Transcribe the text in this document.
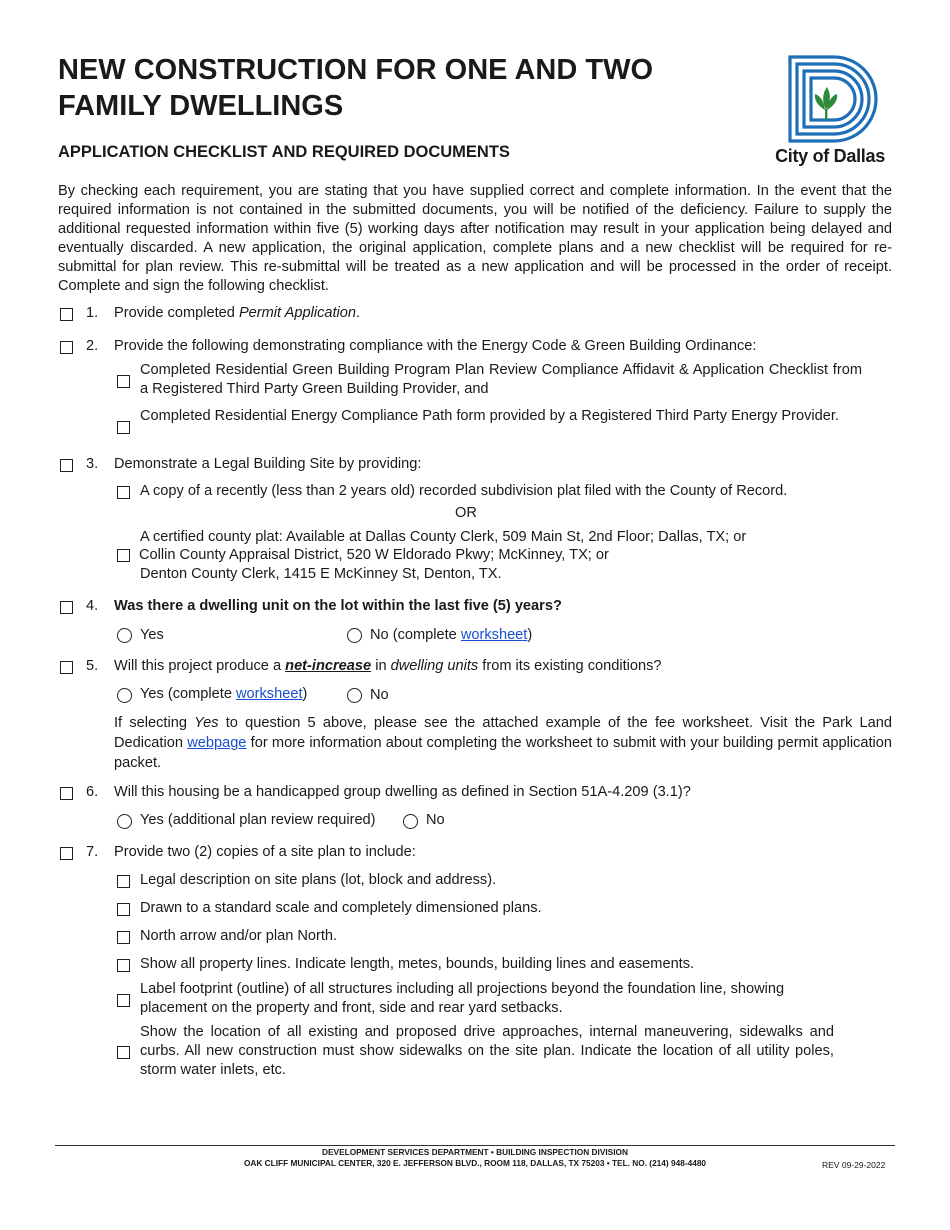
NEW CONSTRUCTION FOR ONE AND TWO
FAMILY DWELLINGS
APPLICATION CHECKLIST AND REQUIRED DOCUMENTS	City of Dallas
By checking each requirement, you are stating that you have supplied correct and complete information. In the event that the required information is not contained in the submitted documents, you will be notified of the deficiency. Failure to supply the additional requested information within five (5) working days after notification may result in your application being delayed and eventually discarded. A new application, the original application, complete plans and a new checklist will be required for re-submittal for plan review. This re-submittal will be treated as a new application and will be processed in the order of receipt. Complete and sign the following checklist.
1. Provide completed Permit Application.
2. Provide the following demonstrating compliance with the Energy Code & Green Building Ordinance:
Completed Residential Green Building Program Plan Review Compliance Affidavit & Application Checklist from a Registered Third Party Green Building Provider, and
Completed Residential Energy Compliance Path form provided by a Registered Third Party Energy Provider.
3. Demonstrate a Legal Building Site by providing:
A copy of a recently (less than 2 years old) recorded subdivision plat filed with the County of Record.
OR
A certified county plat: Available at Dallas County Clerk, 509 Main St, 2nd Floor; Dallas, TX; or
Collin County Appraisal District, 520 W Eldorado Pkwy; McKinney, TX; or
Denton County Clerk, 1415 E McKinney St, Denton, TX.
4. Was there a dwelling unit on the lot within the last five (5) years?
Yes	No (complete worksheet)
5. Will this project produce a net-increase in dwelling units from its existing conditions?
Yes (complete worksheet)	No
If selecting Yes to question 5 above, please see the attached example of the fee worksheet. Visit the Park Land Dedication webpage for more information about completing the worksheet to submit with your building permit application packet.
6. Will this housing be a handicapped group dwelling as defined in Section 51A-4.209 (3.1)?
Yes (additional plan review required)	No
7. Provide two (2) copies of a site plan to include:
Legal description on site plans (lot, block and address).
Drawn to a standard scale and completely dimensioned plans.
North arrow and/or plan North.
Show all property lines. Indicate length, metes, bounds, building lines and easements.
Label footprint (outline) of all structures including all projections beyond the foundation line, showing placement on the property and front, side and rear yard setbacks.
Show the location of all existing and proposed drive approaches, internal maneuvering, sidewalks and curbs. All new construction must show sidewalks on the site plan. Indicate the location of all utility poles, storm water inlets, etc.
DEVELOPMENT SERVICES DEPARTMENT • BUILDING INSPECTION DIVISION
OAK CLIFF MUNICIPAL CENTER, 320 E. JEFFERSON BLVD., ROOM 118, DALLAS, TX 75203 • TEL. NO. (214) 948-4480	REV 09-29-2022
